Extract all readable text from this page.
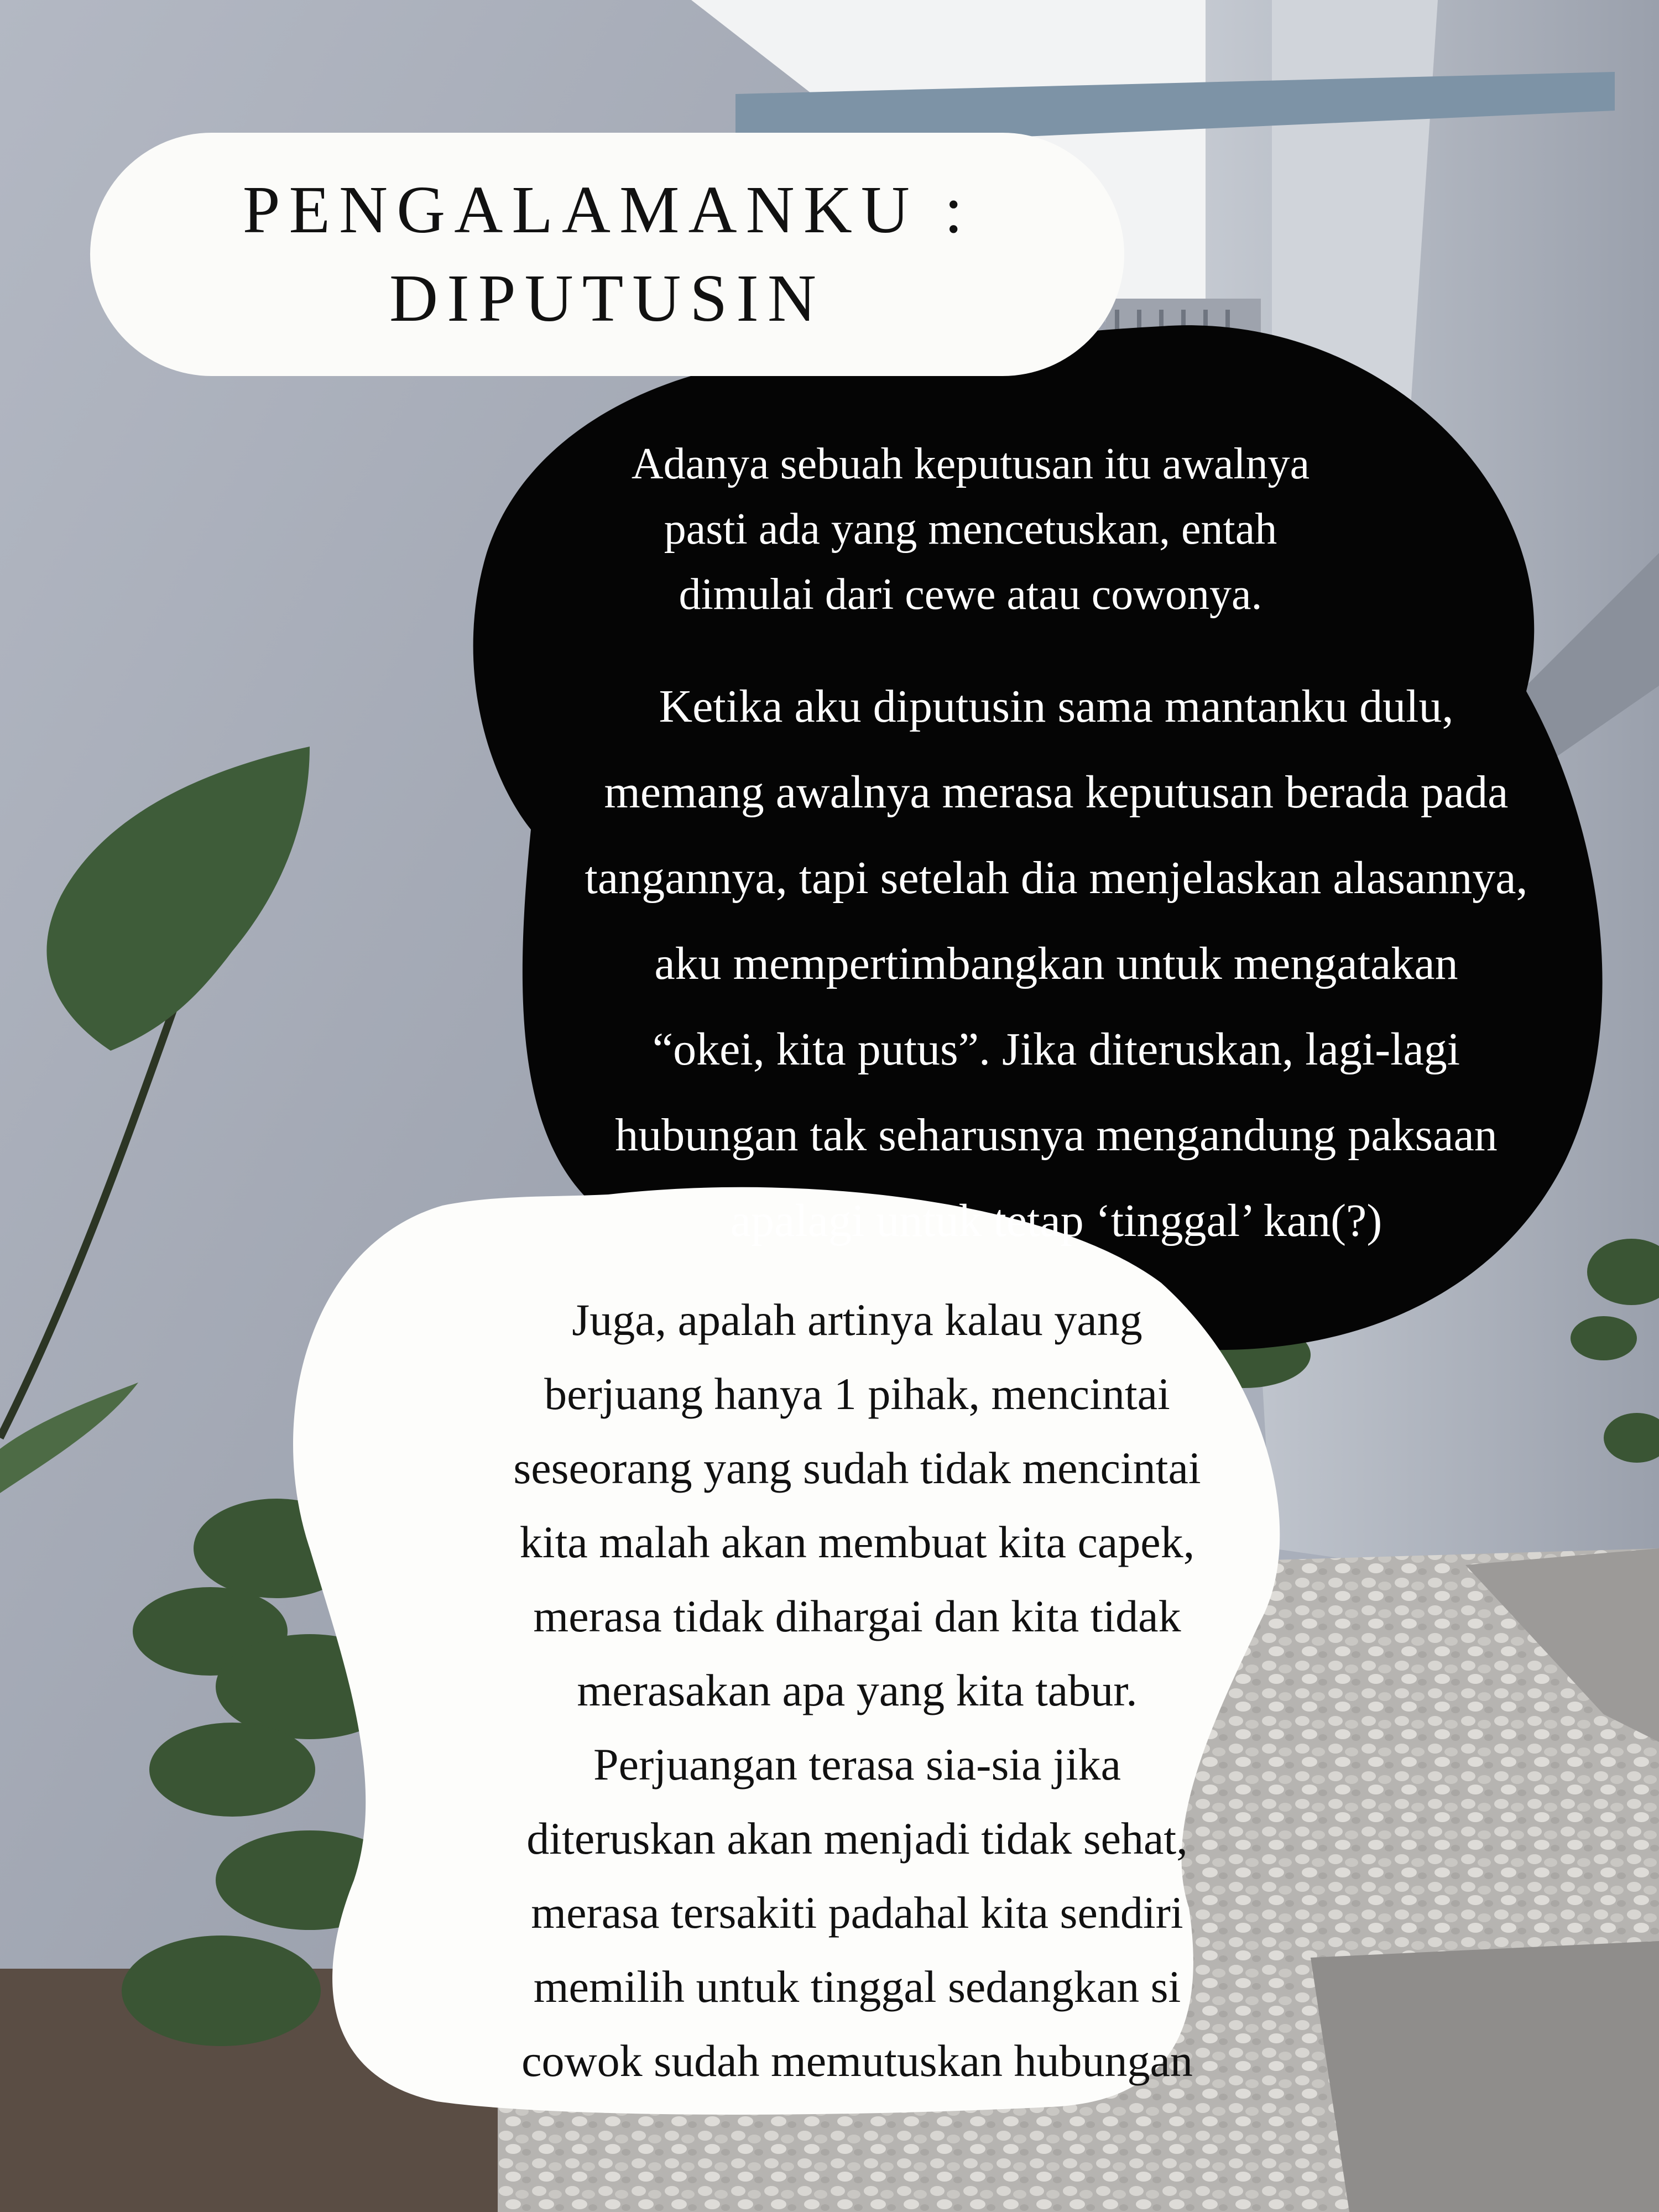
PENGALAMANKU :
DIPUTUSIN
Adanya sebuah keputusan itu awalnya
pasti ada yang mencetuskan, entah
dimulai dari cewe atau cowonya.
Ketika aku diputusin sama mantanku dulu,
memang awalnya merasa keputusan berada pada
tangannya, tapi setelah dia menjelaskan alasannya,
aku mempertimbangkan untuk mengatakan
“okei, kita putus”. Jika diteruskan, lagi-lagi
hubungan tak seharusnya mengandung paksaan
apalagi untuk tetap ‘tinggal’ kan(?)
Juga, apalah artinya kalau yang
berjuang hanya 1 pihak, mencintai
seseorang yang sudah tidak mencintai
kita malah akan membuat kita capek,
merasa tidak dihargai dan kita tidak
merasakan apa yang kita tabur.
Perjuangan terasa sia-sia jika
diteruskan akan menjadi tidak sehat,
merasa tersakiti padahal kita sendiri
memilih untuk tinggal sedangkan si
cowok sudah memutuskan hubungan
